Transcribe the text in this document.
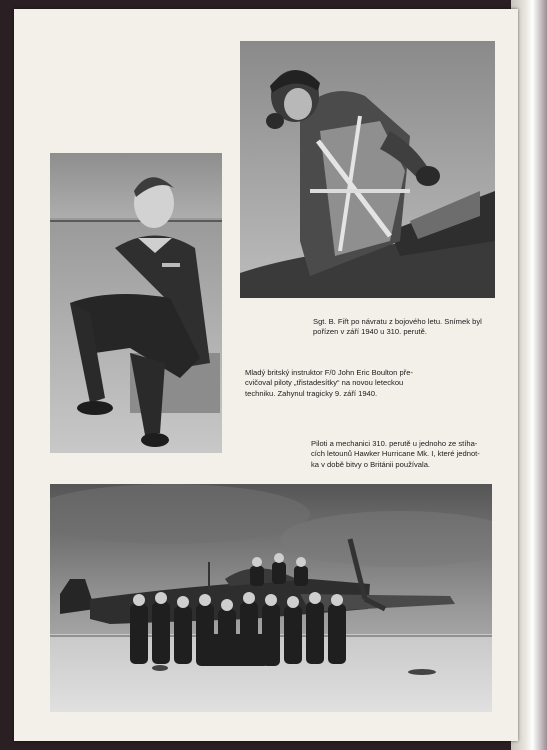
Sgt. B. Fiřt po návratu z bojového letu. Snímek byl
pořízen v září 1940 u 310. perutě.

Mladý britský instruktor F/0 John Eric Boulton pře-
cvičoval piloty „třistadesítky“ na novou leteckou
techniku. Zahynul tragicky 9. září 1940.

Piloti a mechanici 310. perutě u jednoho ze stíha-
cích letounů Hawker Hurricane Mk. I, které jednot-
ka v době bitvy o Británii používala.
